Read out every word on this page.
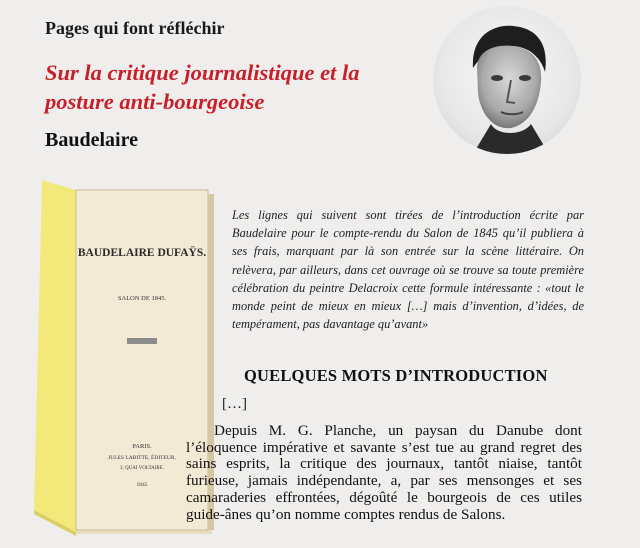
Pages qui font réfléchir
Sur la critique journalistique et la posture anti-bourgeoise
Baudelaire
BAUDELAIRE DUFAŸS.
SALON DE 1845.
PARIS.
JULES LABITTE, ÉDITEUR,
3, QUAI VOLTAIRE.
1845
Les lignes qui suivent sont tirées de l’introduction écrite par Baudelaire pour le compte-rendu du Salon de 1845 qu’il publiera à ses frais, marquant par là son entrée sur la scène littéraire. On relèvera, par ailleurs, dans cet ouvrage où se trouve sa toute première célébration du peintre Delacroix cette formule intéressante : «tout le monde peint de mieux en mieux […] mais d’invention, d’idées, de tempérament, pas davantage qu’avant»
QUELQUES MOTS D’INTRODUCTION
[…]

Depuis M. G. Planche, un paysan du Danube dont l’éloquence impérative et savante s’est tue au grand regret des sains esprits, la critique des journaux, tantôt niaise, tantôt furieuse, jamais indépendante, a, par ses mensonges et ses camaraderies effrontées, dégoûté le bourgeois de ces utiles guide-ânes qu’on nomme comptes rendus de Salons.
